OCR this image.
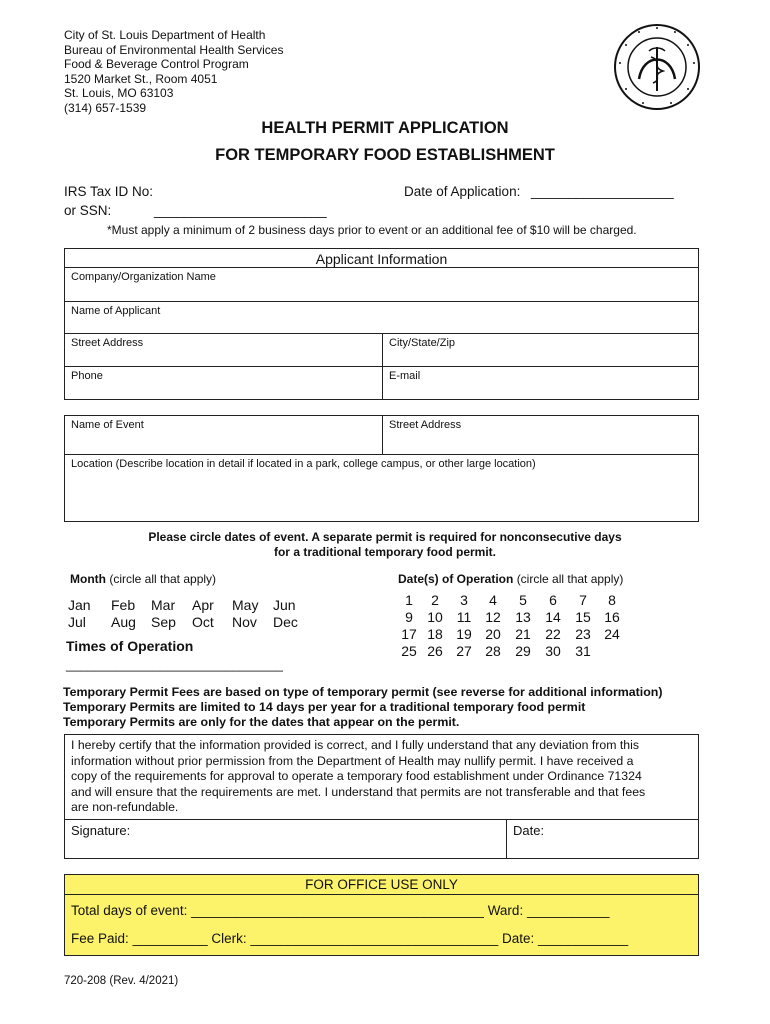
City of St. Louis Department of Health
Bureau of Environmental Health Services
Food & Beverage Control Program
1520 Market St., Room 4051
St. Louis, MO 63103
(314) 657-1539
HEALTH PERMIT APPLICATION
FOR TEMPORARY FOOD ESTABLISHMENT
IRS Tax ID No:
or SSN:	_______________________
Date of Application: ___________________
*Must apply a minimum of 2 business days prior to event or an additional fee of $10 will be charged.
Applicant Information
Company/Organization Name
Name of Applicant
Street Address	City/State/Zip
Phone	E-mail
Name of Event	Street Address
Location (Describe location in detail if located in a park, college campus, or other large location)
Please circle dates of event. A separate permit is required for nonconsecutive days
for a traditional temporary food permit.
Month (circle all that apply)	Date(s) of Operation (circle all that apply)
Jan Feb Mar Apr May Jun
Jul Aug Sep Oct Nov Dec
1	2	3	4	5	6	7	8
9	10 11 12 13 14 15 16
17 18 19 20 21 22 23 24
25 26 27 28 29 30 31
Times of Operation
______________________________
Temporary Permit Fees are based on type of temporary permit (see reverse for additional information)
Temporary Permits are limited to 14 days per year for a traditional temporary food permit
Temporary Permits are only for the dates that appear on the permit.
I hereby certify that the information provided is correct, and I fully understand that any deviation from this
information without prior permission from the Department of Health may nullify permit. I have received a
copy of the requirements for approval to operate a temporary food establishment under Ordinance 71324
and will ensure that the requirements are met. I understand that permits are not transferable and that fees
are non-refundable.
Signature:	Date:
FOR OFFICE USE ONLY
Total days of event: _______________________________________ Ward: ___________
Fee Paid: __________ Clerk: _________________________________ Date: ____________
720-208 (Rev. 4/2021)
